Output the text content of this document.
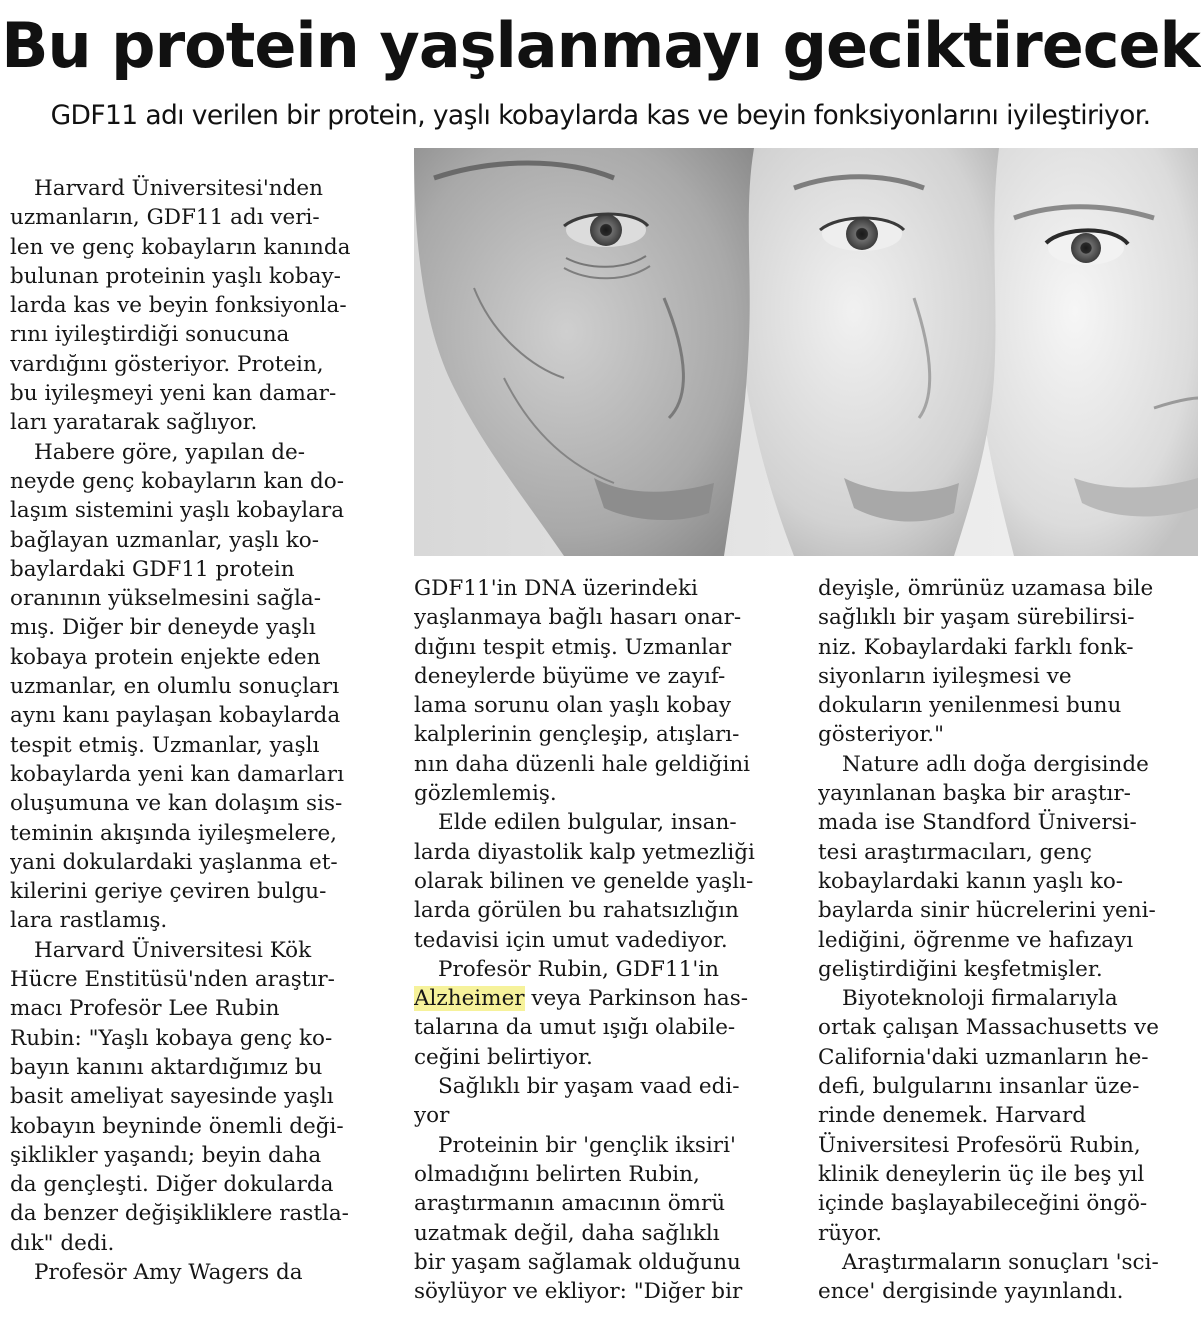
Bu protein yaşlanmayı geciktirecek
GDF11 adı verilen bir protein, yaşlı kobaylarda kas ve beyin fonksiyonlarını iyileştiriyor.

Harvard Üniversitesi'nden

uzmanların, GDF11 adı veri-

len ve genç kobayların kanında

bulunan proteinin yaşlı kobay-

larda kas ve beyin fonksiyonla-

rını iyileştirdiği sonucuna

vardığını gösteriyor. Protein,

bu iyileşmeyi yeni kan damar-

ları yaratarak sağlıyor.

Habere göre, yapılan de-

neyde genç kobayların kan do-

laşım sistemini yaşlı kobaylara

bağlayan uzmanlar, yaşlı ko-

baylardaki GDF11 protein

oranının yükselmesini sağla-

mış. Diğer bir deneyde yaşlı

kobaya protein enjekte eden

uzmanlar, en olumlu sonuçları

aynı kanı paylaşan kobaylarda

tespit etmiş. Uzmanlar, yaşlı

kobaylarda yeni kan damarları

oluşumuna ve kan dolaşım sis-

teminin akışında iyileşmelere,

yani dokulardaki yaşlanma et-

kilerini geriye çeviren bulgu-

lara rastlamış.

Harvard Üniversitesi Kök

Hücre Enstitüsü'nden araştır-

macı Profesör Lee Rubin

Rubin: "Yaşlı kobaya genç ko-

bayın kanını aktardığımız bu

basit ameliyat sayesinde yaşlı

kobayın beyninde önemli deği-

şiklikler yaşandı; beyin daha

da gençleşti. Diğer dokularda

da benzer değişikliklere rastla-

dık" dedi.

Profesör Amy Wagers da

GDF11'in DNA üzerindeki

yaşlanmaya bağlı hasarı onar-

dığını tespit etmiş. Uzmanlar

deneylerde büyüme ve zayıf-

lama sorunu olan yaşlı kobay

kalplerinin gençleşip, atışları-

nın daha düzenli hale geldiğini

gözlemlemiş.

Elde edilen bulgular, insan-

larda diyastolik kalp yetmezliği

olarak bilinen ve genelde yaşlı-

larda görülen bu rahatsızlığın

tedavisi için umut vadediyor.

Profesör Rubin, GDF11'in

Alzheimer veya Parkinson has-

talarına da umut ışığı olabile-

ceğini belirtiyor.

Sağlıklı bir yaşam vaad edi-

yor

Proteinin bir 'gençlik iksiri'

olmadığını belirten Rubin,

araştırmanın amacının ömrü

uzatmak değil, daha sağlıklı

bir yaşam sağlamak olduğunu

söylüyor ve ekliyor: "Diğer bir

deyişle, ömrünüz uzamasa bile

sağlıklı bir yaşam sürebilirsi-

niz. Kobaylardaki farklı fonk-

siyonların iyileşmesi ve

dokuların yenilenmesi bunu

gösteriyor."

Nature adlı doğa dergisinde

yayınlanan başka bir araştır-

mada ise Standford Üniversi-

tesi araştırmacıları, genç

kobaylardaki kanın yaşlı ko-

baylarda sinir hücrelerini yeni-

lediğini, öğrenme ve hafızayı

geliştirdiğini keşfetmişler.

Biyoteknoloji firmalarıyla

ortak çalışan Massachusetts ve

California'daki uzmanların he-

defi, bulgularını insanlar üze-

rinde denemek. Harvard

Üniversitesi Profesörü Rubin,

klinik deneylerin üç ile beş yıl

içinde başlayabileceğini öngö-

rüyor.

Araştırmaların sonuçları 'sci-

ence' dergisinde yayınlandı.
